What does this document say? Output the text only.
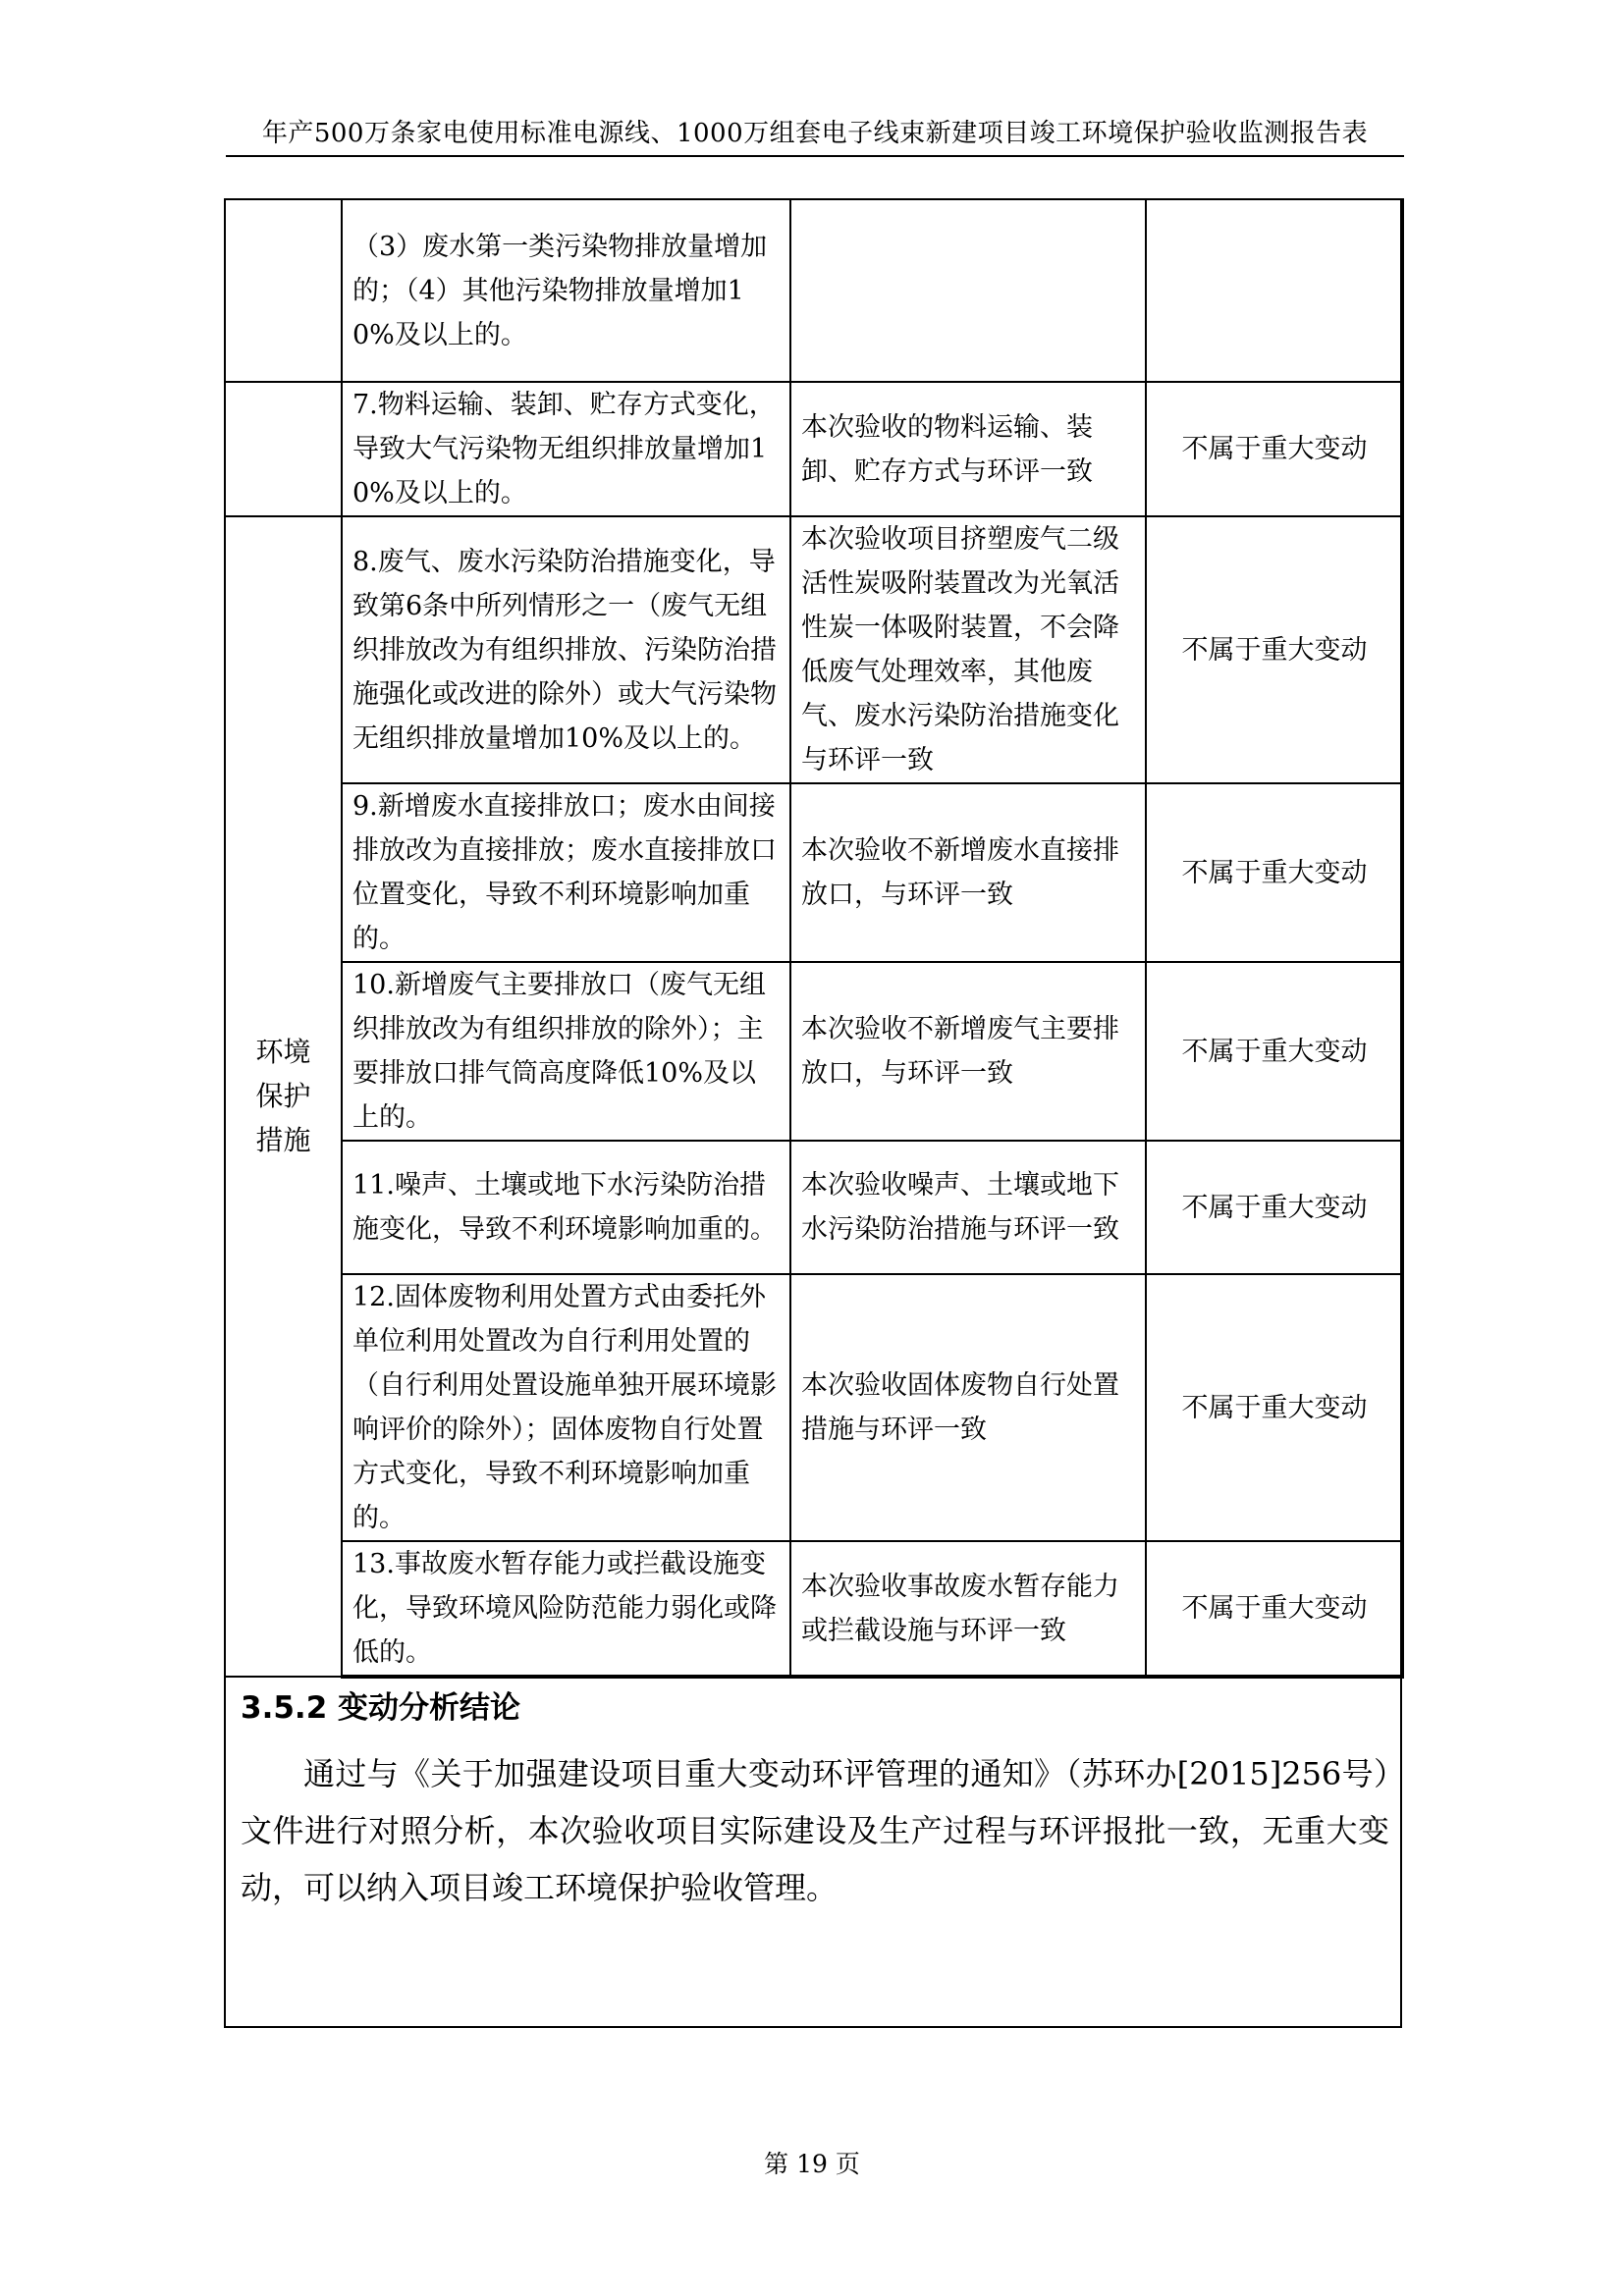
年产500万条家电使用标准电源线、1000万组套电子线束新建项目竣工环境保护验收监测报告表
	（3）废水第一类污染物排放量增加的；（4）其他污染物排放量增加10%及以上的。		
	7.物料运输、装卸、贮存方式变化，导致大气污染物无组织排放量增加10%及以上的。	本次验收的物料运输、装卸、贮存方式与环评一致	不属于重大变动
环境保护措施	8.废气、废水污染防治措施变化，导致第6条中所列情形之一（废气无组织排放改为有组织排放、污染防治措施强化或改进的除外）或大气污染物无组织排放量增加10%及以上的。	本次验收项目挤塑废气二级活性炭吸附装置改为光氧活性炭一体吸附装置，不会降低废气处理效率，其他废气、废水污染防治措施变化与环评一致	不属于重大变动
	9.新增废水直接排放口；废水由间接排放改为直接排放；废水直接排放口位置变化，导致不利环境影响加重的。	本次验收不新增废水直接排放口，与环评一致	不属于重大变动
	10.新增废气主要排放口（废气无组织排放改为有组织排放的除外）；主要排放口排气筒高度降低10%及以上的。	本次验收不新增废气主要排放口，与环评一致	不属于重大变动
	11.噪声、土壤或地下水污染防治措施变化，导致不利环境影响加重的。	本次验收噪声、土壤或地下水污染防治措施与环评一致	不属于重大变动
	12.固体废物利用处置方式由委托外单位利用处置改为自行利用处置的（自行利用处置设施单独开展环境影响评价的除外）；固体废物自行处置方式变化，导致不利环境影响加重的。	本次验收固体废物自行处置措施与环评一致	不属于重大变动
	13.事故废水暂存能力或拦截设施变化，导致环境风险防范能力弱化或降低的。	本次验收事故废水暂存能力或拦截设施与环评一致	不属于重大变动
3.5.2 变动分析结论
通过与《关于加强建设项目重大变动环评管理的通知》（苏环办[2015]256号）文件进行对照分析，本次验收项目实际建设及生产过程与环评报批一致，无重大变动，可以纳入项目竣工环境保护验收管理。
第 19 页
